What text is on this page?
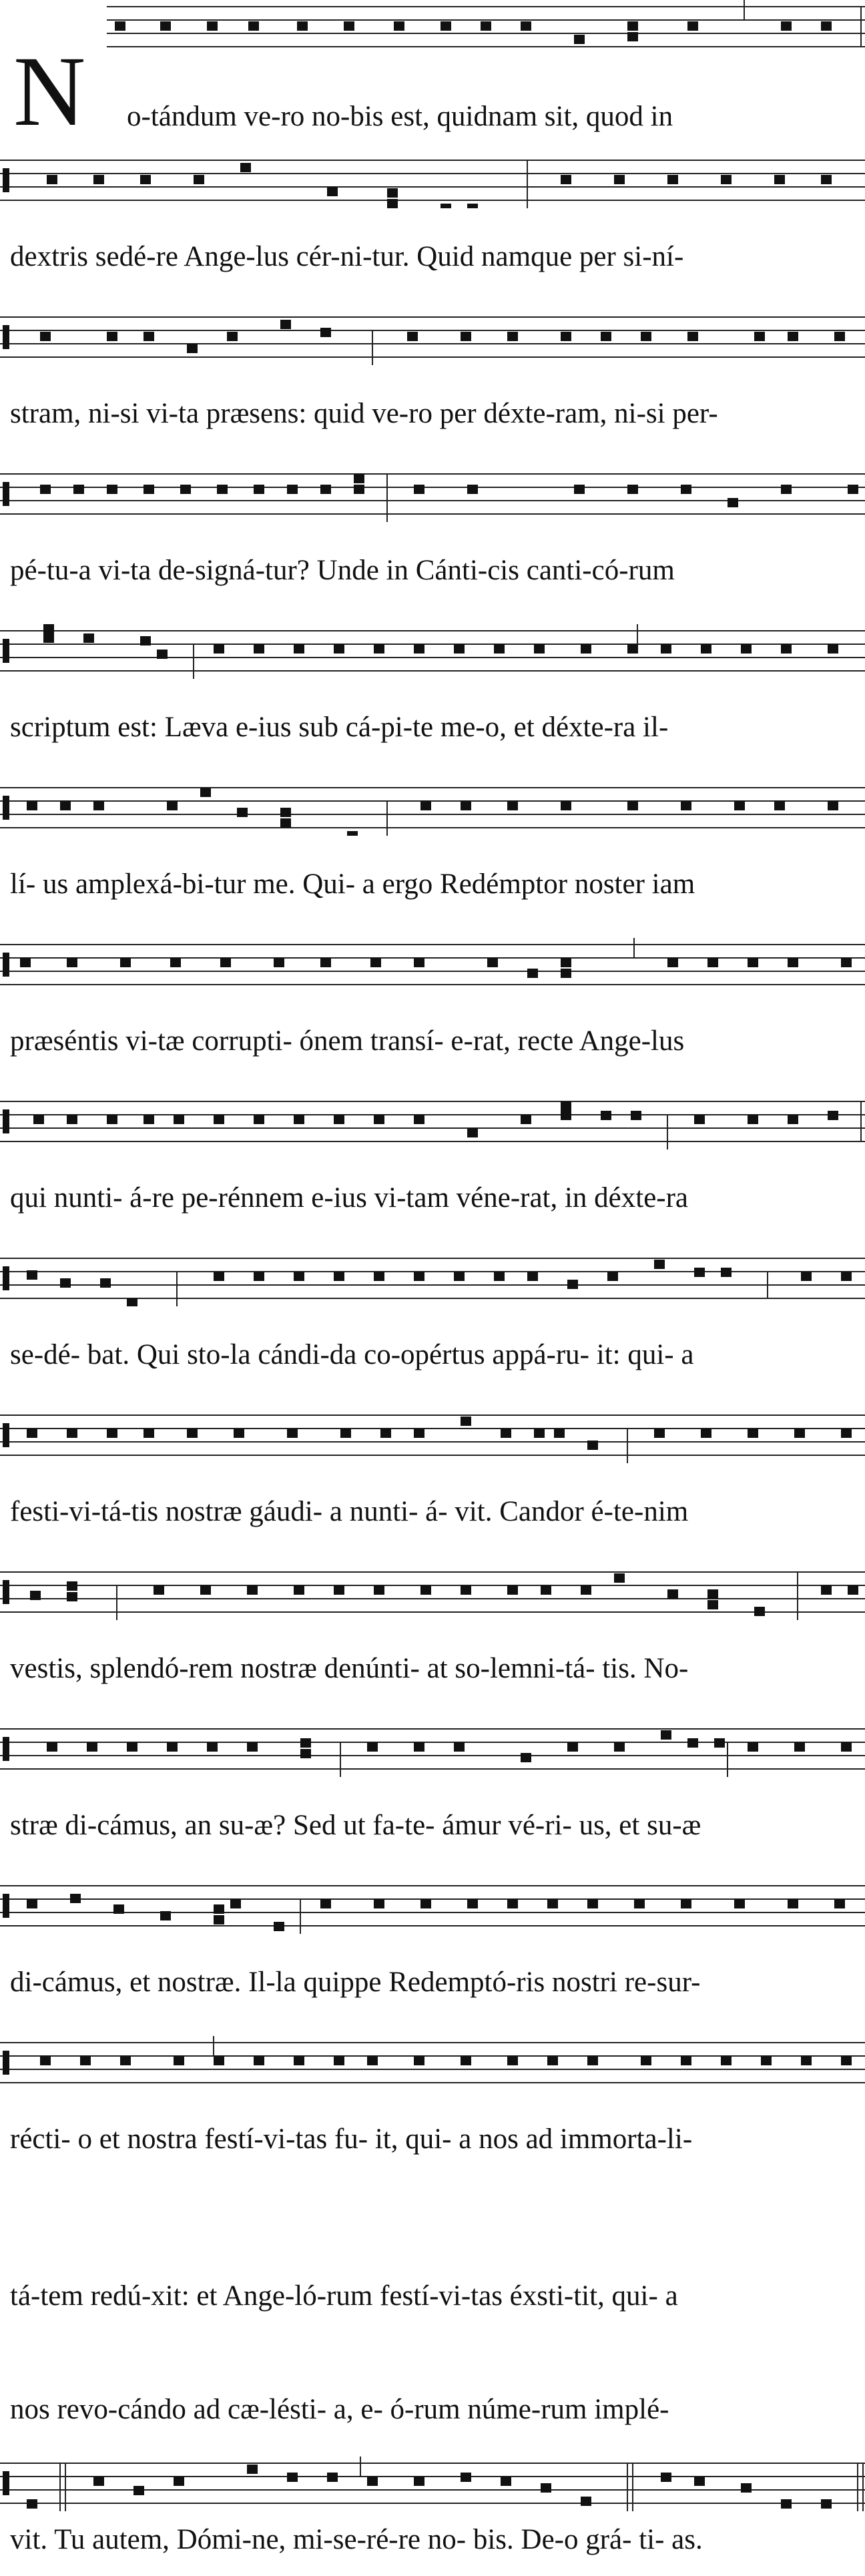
N o-tándum ve-ro no-bis est, quidnam sit, quod in
dextris sedé-re Ange-lus cér-ni-tur. Quid namque per si-ní-
stram, ni-si vi-ta præsens: quid ve-ro per déxte-ram, ni-si per-
pé-tu-a vi-ta de-signá-tur? Unde in Cánti-cis canti-có-rum
scriptum est: Læva e-ius sub cá-pi-te me-o, et déxte-ra il-
lí- us amplexá-bi-tur me. Qui- a ergo Redémptor noster iam
præséntis vi-tæ corrupti- ónem transí- e-rat, recte Ange-lus
qui nunti- á-re pe-rénnem e-ius vi-tam véne-rat, in déxte-ra
se-dé- bat. Qui sto-la cándi-da co-opértus appá-ru- it: qui- a
festi-vi-tá-tis nostræ gáudi- a nunti- á- vit. Candor é-te-nim
vestis, splendó-rem nostræ denúnti- at so-lemni-tá- tis. No-
stræ di-cámus, an su-æ? Sed ut fa-te- ámur vé-ri- us, et su-æ
di-cámus, et nostræ. Il-la quippe Redemptó-ris nostri re-sur-
récti- o et nostra festí-vi-tas fu- it, qui- a nos ad immorta-li-
tá-tem redú-xit: et Ange-ló-rum festí-vi-tas éxsti-tit, qui- a
nos revo-cándo ad cæ-lésti- a, e- ó-rum núme-rum implé-
vit. Tu autem, Dómi-ne, mi-se-ré-re no- bis. De-o grá- ti- as.
